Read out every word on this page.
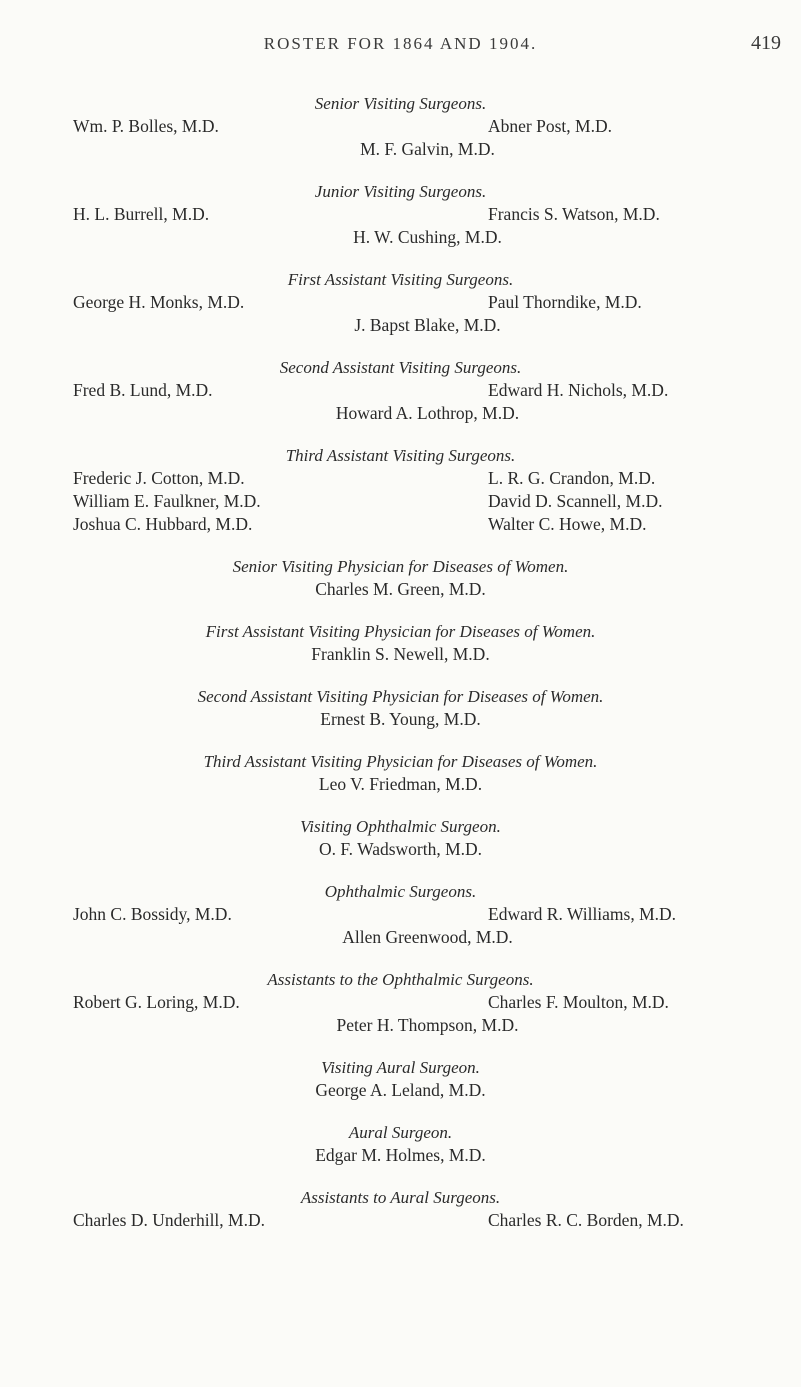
ROSTER FOR 1864 AND 1904.	419
Senior Visiting Surgeons.
Wm. P. Bolles, M.D.	Abner Post, M.D.
M. F. Galvin, M.D.
Junior Visiting Surgeons.
H. L. Burrell, M.D.	Francis S. Watson, M.D.
H. W. Cushing, M.D.
First Assistant Visiting Surgeons.
George H. Monks, M.D.	Paul Thorndike, M.D.
J. Bapst Blake, M.D.
Second Assistant Visiting Surgeons.
Fred B. Lund, M.D.	Edward H. Nichols, M.D.
Howard A. Lothrop, M.D.
Third Assistant Visiting Surgeons.
Frederic J. Cotton, M.D.	L. R. G. Crandon, M.D.
William E. Faulkner, M.D.	David D. Scannell, M.D.
Joshua C. Hubbard, M.D.	Walter C. Howe, M.D.
Senior Visiting Physician for Diseases of Women.
Charles M. Green, M.D.
First Assistant Visiting Physician for Diseases of Women.
Franklin S. Newell, M.D.
Second Assistant Visiting Physician for Diseases of Women.
Ernest B. Young, M.D.
Third Assistant Visiting Physician for Diseases of Women.
Leo V. Friedman, M.D.
Visiting Ophthalmic Surgeon.
O. F. Wadsworth, M.D.
Ophthalmic Surgeons.
John C. Bossidy, M.D.	Edward R. Williams, M.D.
Allen Greenwood, M.D.
Assistants to the Ophthalmic Surgeons.
Robert G. Loring, M.D.	Charles F. Moulton, M.D.
Peter H. Thompson, M.D.
Visiting Aural Surgeon.
George A. Leland, M.D.
Aural Surgeon.
Edgar M. Holmes, M.D.
Assistants to Aural Surgeons.
Charles D. Underhill, M.D.	Charles R. C. Borden, M.D.
